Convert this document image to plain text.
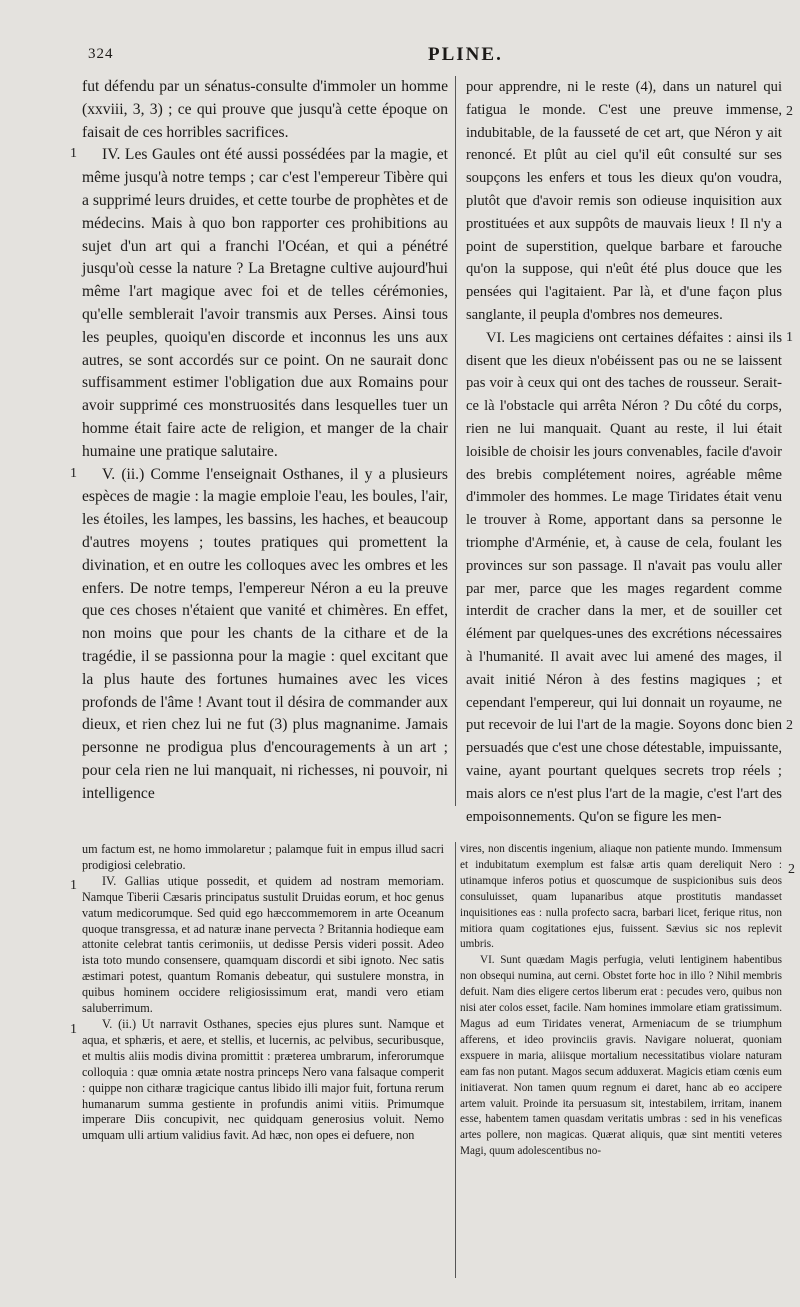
324	PLINE.

fut défendu par un sénatus-consulte d'immoler un homme (xxviii, 3, 3) ; ce qui prouve que jusqu'à cette époque on faisait de ces horribles sacrifices.

IV. Les Gaules ont été aussi possédées par la magie, et même jusqu'à notre temps ; car c'est l'empereur Tibère qui a supprimé leurs druides, et cette tourbe de prophètes et de médecins. Mais à quo bon rapporter ces prohibitions au sujet d'un art qui a franchi l'Océan, et qui a pénétré jusqu'où cesse la nature ? La Bretagne cultive aujourd'hui même l'art magique avec foi et de telles cérémonies, qu'elle semblerait l'avoir transmis aux Perses. Ainsi tous les peuples, quoiqu'en discorde et inconnus les uns aux autres, se sont accordés sur ce point. On ne saurait donc suffisamment estimer l'obligation due aux Romains pour avoir supprimé ces monstruosités dans lesquelles tuer un homme était faire acte de religion, et manger de la chair humaine une pratique salutaire.

V. (ii.) Comme l'enseignait Osthanes, il y a plusieurs espèces de magie : la magie emploie l'eau, les boules, l'air, les étoiles, les lampes, les bassins, les haches, et beaucoup d'autres moyens ; toutes pratiques qui promettent la divination, et en outre les colloques avec les ombres et les enfers. De notre temps, l'empereur Néron a eu la preuve que ces choses n'étaient que vanité et chimères. En effet, non moins que pour les chants de la cithare et de la tragédie, il se passionna pour la magie : quel excitant que la plus haute des fortunes humaines avec les vices profonds de l'âme ! Avant tout il désira de commander aux dieux, et rien chez lui ne fut (3) plus magnanime. Jamais personne ne prodigua plus d'encouragements à un art ; pour cela rien ne lui manquait, ni richesses, ni pouvoir, ni intelligence

pour apprendre, ni le reste (4), dans un naturel qui fatigua le monde. C'est une preuve immense, indubitable, de la fausseté de cet art, que Néron y ait renoncé. Et plût au ciel qu'il eût consulté sur ses soupçons les enfers et tous les dieux qu'on voudra, plutôt que d'avoir remis son odieuse inquisition aux prostituées et aux suppôts de mauvais lieux ! Il n'y a point de superstition, quelque barbare et farouche qu'on la suppose, qui n'eût été plus douce que les pensées qui l'agitaient. Par là, et d'une façon plus sanglante, il peupla d'ombres nos demeures.

VI. Les magiciens ont certaines défaites : ainsi ils disent que les dieux n'obéissent pas ou ne se laissent pas voir à ceux qui ont des taches de rousseur. Serait-ce là l'obstacle qui arrêta Néron ? Du côté du corps, rien ne lui manquait. Quant au reste, il lui était loisible de choisir les jours convenables, facile d'avoir des brebis complétement noires, agréable même d'immoler des hommes. Le mage Tiridates était venu le trouver à Rome, apportant dans sa personne le triomphe d'Arménie, et, à cause de cela, foulant les provinces sur son passage. Il n'avait pas voulu aller par mer, parce que les mages regardent comme interdit de cracher dans la mer, et de souiller cet élément par quelques-unes des excrétions nécessaires à l'humanité. Il avait avec lui amené des mages, il avait initié Néron à des festins magiques ; et cependant l'empereur, qui lui donnait un royaume, ne put recevoir de lui l'art de la magie. Soyons donc bien persuadés que c'est une chose détestable, impuissante, vaine, ayant pourtant quelques secrets trop réels ; mais alors ce n'est plus l'art de la magie, c'est l'art des empoisonnements. Qu'on se figure les men-

um factum est, ne homo immolaretur ; palamque fuit in empus illud sacri prodigiosi celebratio.

IV. Gallias utique possedit, et quidem ad nostram memoriam. Namque Tiberii Cæsaris principatus sustulit Druidas eorum, et hoc genus vatum medicorumque. Sed quid ego hæccommemorem in arte Oceanum quoque transgressa, et ad naturæ inane pervecta ? Britannia hodieque eam attonite celebrat tantis cerimoniis, ut dedisse Persis videri possit. Adeo ista toto mundo consensere, quamquam discordi et sibi ignoto. Nec satis æstimari potest, quantum Romanis debeatur, qui sustulere monstra, in quibus hominem occidere religiosissimum erat, mandi vero etiam saluberrimum.

V. (ii.) Ut narravit Osthanes, species ejus plures sunt. Namque et aqua, et sphæris, et aere, et stellis, et lucernis, ac pelvibus, securibusque, et multis aliis modis divina promittit : præterea umbrarum, inferorumque colloquia : quæ omnia ætate nostra princeps Nero vana falsaque comperit : quippe non citharæ tragicique cantus libido illi major fuit, fortuna rerum humanarum summa gestiente in profundis animi vitiis. Primumque imperare Diis concupivit, nec quidquam generosius voluit. Nemo umquam ulli artium validius favit. Ad hæc, non opes ei defuere, non

vires, non discentis ingenium, aliaque non patiente mundo. Immensum et indubitatum exemplum est falsæ artis quam dereliquit Nero : utinamque inferos potius et quoscumque de suspicionibus suis deos consuluisset, quam lupanaribus atque prostitutis mandasset inquisitiones eas : nulla profecto sacra, barbari licet, ferique ritus, non mitiora quam cogitationes ejus, fuissent. Sævius sic nos replevit umbris.

VI. Sunt quædam Magis perfugia, veluti lentiginem habentibus non obsequi numina, aut cerni. Obstet forte hoc in illo ? Nihil membris defuit. Nam dies eligere certos liberum erat : pecudes vero, quibus non nisi ater colos esset, facile. Nam homines immolare etiam gratissimum. Magus ad eum Tiridates venerat, Armeniacum de se triumphum afferens, et ideo provinciis gravis. Navigare noluerat, quoniam exspuere in maria, aliisque mortalium necessitatibus violare naturam eam fas non putant. Magos secum adduxerat. Magicis etiam cœnis eum initiaverat. Non tamen quum regnum ei daret, hanc ab eo accipere artem valuit. Proinde ita persuasum sit, intestabilem, irritam, inanem esse, habentem tamen quasdam veritatis umbras : sed in his veneficas artes pollere, non magicas. Quærat aliquis, quæ sint mentiti veteres Magi, quum adolescentibus no-

1
1
2
1
2
1
1
2
